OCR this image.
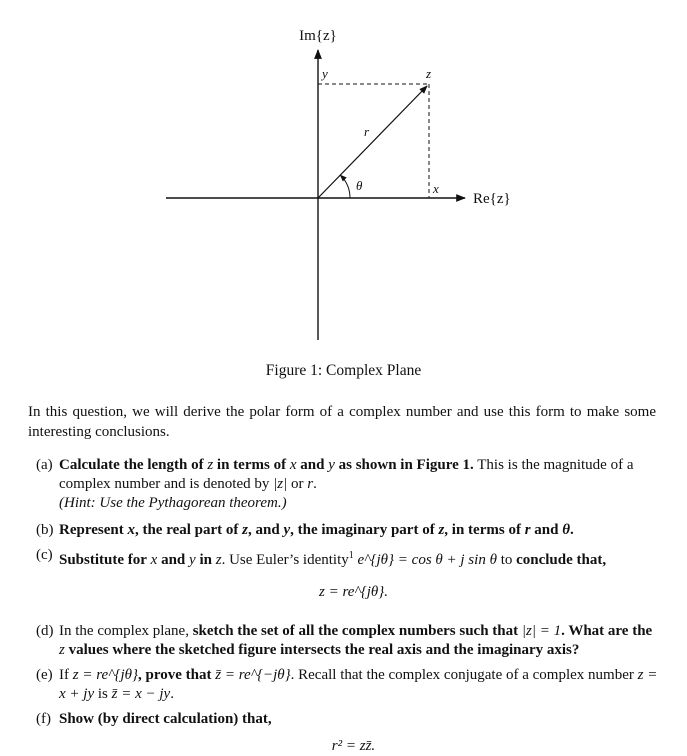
Im{z}
Re{z}
y	z
r
θ	x
Figure 1: Complex Plane
In this question, we will derive the polar form of a complex number and use this form to make some interesting conclusions.
(a) Calculate the length of z in terms of x and y as shown in Figure 1. This is the magnitude of a complex number and is denoted by |z| or r.
(Hint: Use the Pythagorean theorem.)
(b) Represent x, the real part of z, and y, the imaginary part of z, in terms of r and θ.
(c) Substitute for x and y in z. Use Euler’s identity$^1$ e^{jθ} = cos θ + j sin θ to conclude that,
z = re^{jθ}.
(d) In the complex plane, sketch the set of all the complex numbers such that |z| = 1. What are the z values where the sketched figure intersects the real axis and the imaginary axis?
(e) If z = re^{jθ}, prove that z̄ = re^{−jθ}. Recall that the complex conjugate of a complex number z = x + jy is z̄ = x − jy.
(f) Show (by direct calculation) that,
r² = zz̄.
